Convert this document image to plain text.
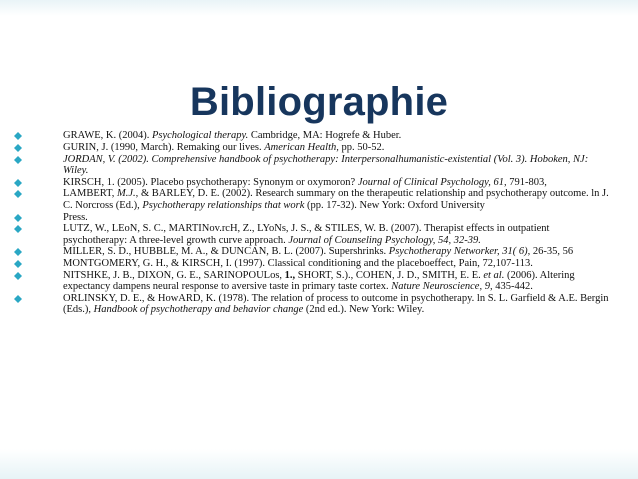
Bibliographie
GRAWE, K. (2004). Psychological therapy. Cambridge, MA: Hogrefe & Huber.
GURIN, J. (1990, March). Remaking our lives. American Health, pp. 50-52.
JORDAN, V. (2002). Comprehensive handbook of psychotherapy: Interpersonalhumanistic-existential (Vol. 3). Hoboken, NJ: Wiley.
KIRSCH, 1. (2005). Placebo psychotherapy: Synonym or oxymoron? Journal of Clinical Psychology, 61, 791-803,
LAMBERT, M.J., & BARLEY, D. E. (2002). Research summary on the therapeutic relationship and psychotherapy outcome. ln J. C. Norcross (Ed.), Psychotherapy relationships that work (pp. 17-32). New York: Oxford University
Press.
LUTZ, W., LEoN, S. C., MARTINov.rcH, Z., LYoNs, J. S., & STILES, W. B. (2007). Therapist effects in outpatient psychotherapy: A three-level growth curve approach. Journal of Counseling Psychology, 54, 32-39.
MILLER, S. D., HUBBLE, M. A., & DUNCAN, B. L. (2007). Supershrinks. Psychotherapy Networker, 31( 6), 26-35, 56
MONTGOMERY, G. H., & KIRSCH, I. (1997). Classical conditioning and the placeboeffect, Pain, 72,107-113.
NITSHKE, J. B., DIXON, G. E., SARINOPOULos, 1., SHORT, S.)., COHEN, J. D., SMITH, E. E. et al. (2006). Altering expectancy dampens neural response to aversive taste in primary taste cortex. Nature Neuroscience, 9, 435-442.
ORLINSKY, D. E., & HowARD, K. (1978). The relation of process to outcome in psychotherapy. ln S. L. Garfield & A.E. Bergin (Eds.), Handbook of psychotherapy and behavior change (2nd ed.). New York: Wiley.
